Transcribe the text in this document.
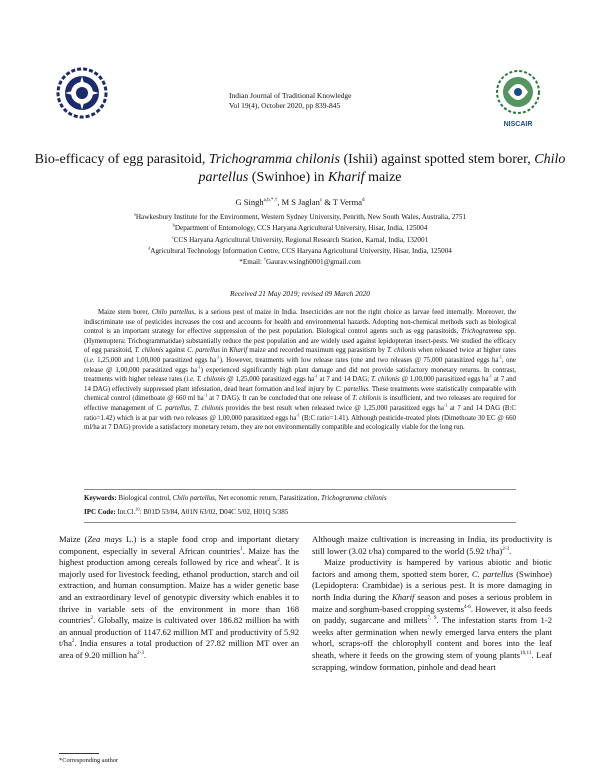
Indian Journal of Traditional Knowledge
Vol 19(4), October 2020, pp 839-845
NISCAIR
Bio-efficacy of egg parasitoid, Trichogramma chilonis (Ishii) against spotted stem borer, Chilo partellus (Swinhoe) in Kharif maize
G Singh$^{a,b,*,\dagger}$, M S Jaglan$^c$ & T Verma$^d$
$^a$Hawkesbury Institute for the Environment, Western Sydney University, Penrith, New South Wales, Australia, 2751
$^b$Department of Entomology, CCS Haryana Agricultural University, Hisar, India, 125004
$^c$CCS Haryana Agricultural University, Regional Research Station, Karnal, India, 132001
$^d$Agricultural Technology Information Centre, CCS Haryana Agricultural University, Hisar, India, 125004
*Email: †Gaurav.wsingh0001@gmail.com
Received 21 May 2019; revised 09 March 2020
Maize stem borer, Chilo partellus, is a serious pest of maize in India. Insecticides are not the right choice as larvae feed internally. Moreover, the indiscriminate use of pesticides increases the cost and accounts for health and environmental hazards. Adopting non-chemical methods such as biological control is an important strategy for effective suppression of the pest population. Biological control agents such as egg parasitoids, Trichogramma spp. (Hymenoptera: Trichogrammatidae) substantially reduce the pest population and are widely used against lepidopteran insect-pests. We studied the efficacy of egg parasitoid, T. chilonis against C. partellus in Kharif maize and recorded maximum egg parasitism by T. chilonis when released twice at higher rates (i.e. 1,25,000 and 1,00,000 parasitized eggs $ha^{-1}$). However, treatments with low release rates (one and two releases @ 75,000 parasitized eggs $ha^{-1}$, one release @ 1,00,000 parasitized eggs $ha^{-1}$) experienced significantly high plant damage and did not provide satisfactory monetary returns. In contrast, treatments with higher release rates (i.e. T. chilonis @ 1,25,000 parasitized eggs $ha^{-1}$ at 7 and 14 DAG; T. chilonis @ 1,00,000 parasitized eggs $ha^{-1}$ at 7 and 14 DAG) effectively suppressed plant infestation, dead heart formation and leaf injury by C. partellus. These treatments were statistically comparable with chemical control (dimethoate @ 660 ml $ha^{-1}$ at 7 DAG). It can be concluded that one release of T. chilonis is insufficient, and two releases are required for effective management of C. partellus. T. chilonis provides the best result when released twice @ 1,25,000 parasitized eggs $ha^{-1}$ at 7 and 14 DAG (B:C ratio=1.42) which is at par with two releases @ 1,00,000 parasitized eggs $ha^{-1}$ (B:C ratio=1.41). Although pesticide-treated plots (Dimethoate 30 EC @ 660 ml/ha at 7 DAG) provide a satisfactory monetary return, they are not environmentally compatible and ecologically viable for the long run.
Keywords: Biological control, Chilo partellus, Net economic return, Parasitization, Trichogramma chilonis
IPC Code: Int.Cl.$^{20}$: B01D 53/84, A01N 63/02, D04C 5/02, H01Q 5/385
Maize (Zea mays L.) is a staple food crop and important dietary component, especially in several African countries$^1$. Maize has the highest production among cereals followed by rice and wheat$^2$. It is majorly used for livestock feeding, ethanol production, starch and oil extraction, and human consumption. Maize has a wider genetic base and an extraordinary level of genotypic diversity which enables it to thrive in variable sets of the environment in more than 168 countries$^2$. Globally, maize is cultivated over 186.82 million ha with an annual production of 1147.62 million MT and productivity of 5.92 $t/ha^2$. India ensures a total production of 27.82 million MT over an area of 9.20 million $ha^{2-3}$.

Although maize cultivation is increasing in India, its productivity is still lower (3.02 t/ha) compared to the world (5.92 t/ha)$^{2-3}$.

Maize productivity is hampered by various abiotic and biotic factors and among them, spotted stem borer, C. partellus (Swinhoe) (Lepidoptera: Crambidae) is a serious pest. It is more damaging in north India during the Kharif season and poses a serious problem in maize and sorghum-based cropping systems$^{4-6}$. However, it also feeds on paddy, sugarcane and millets$^{7, 9}$. The infestation starts from 1-2 weeks after germination when newly emerged larva enters the plant whorl, scraps-off the chlorophyll content and bores into the leaf sheath, where it feeds on the growing stem of young plants$^{10,11}$. Leaf scrapping, window formation, pinhole and dead heart

*Corresponding author
